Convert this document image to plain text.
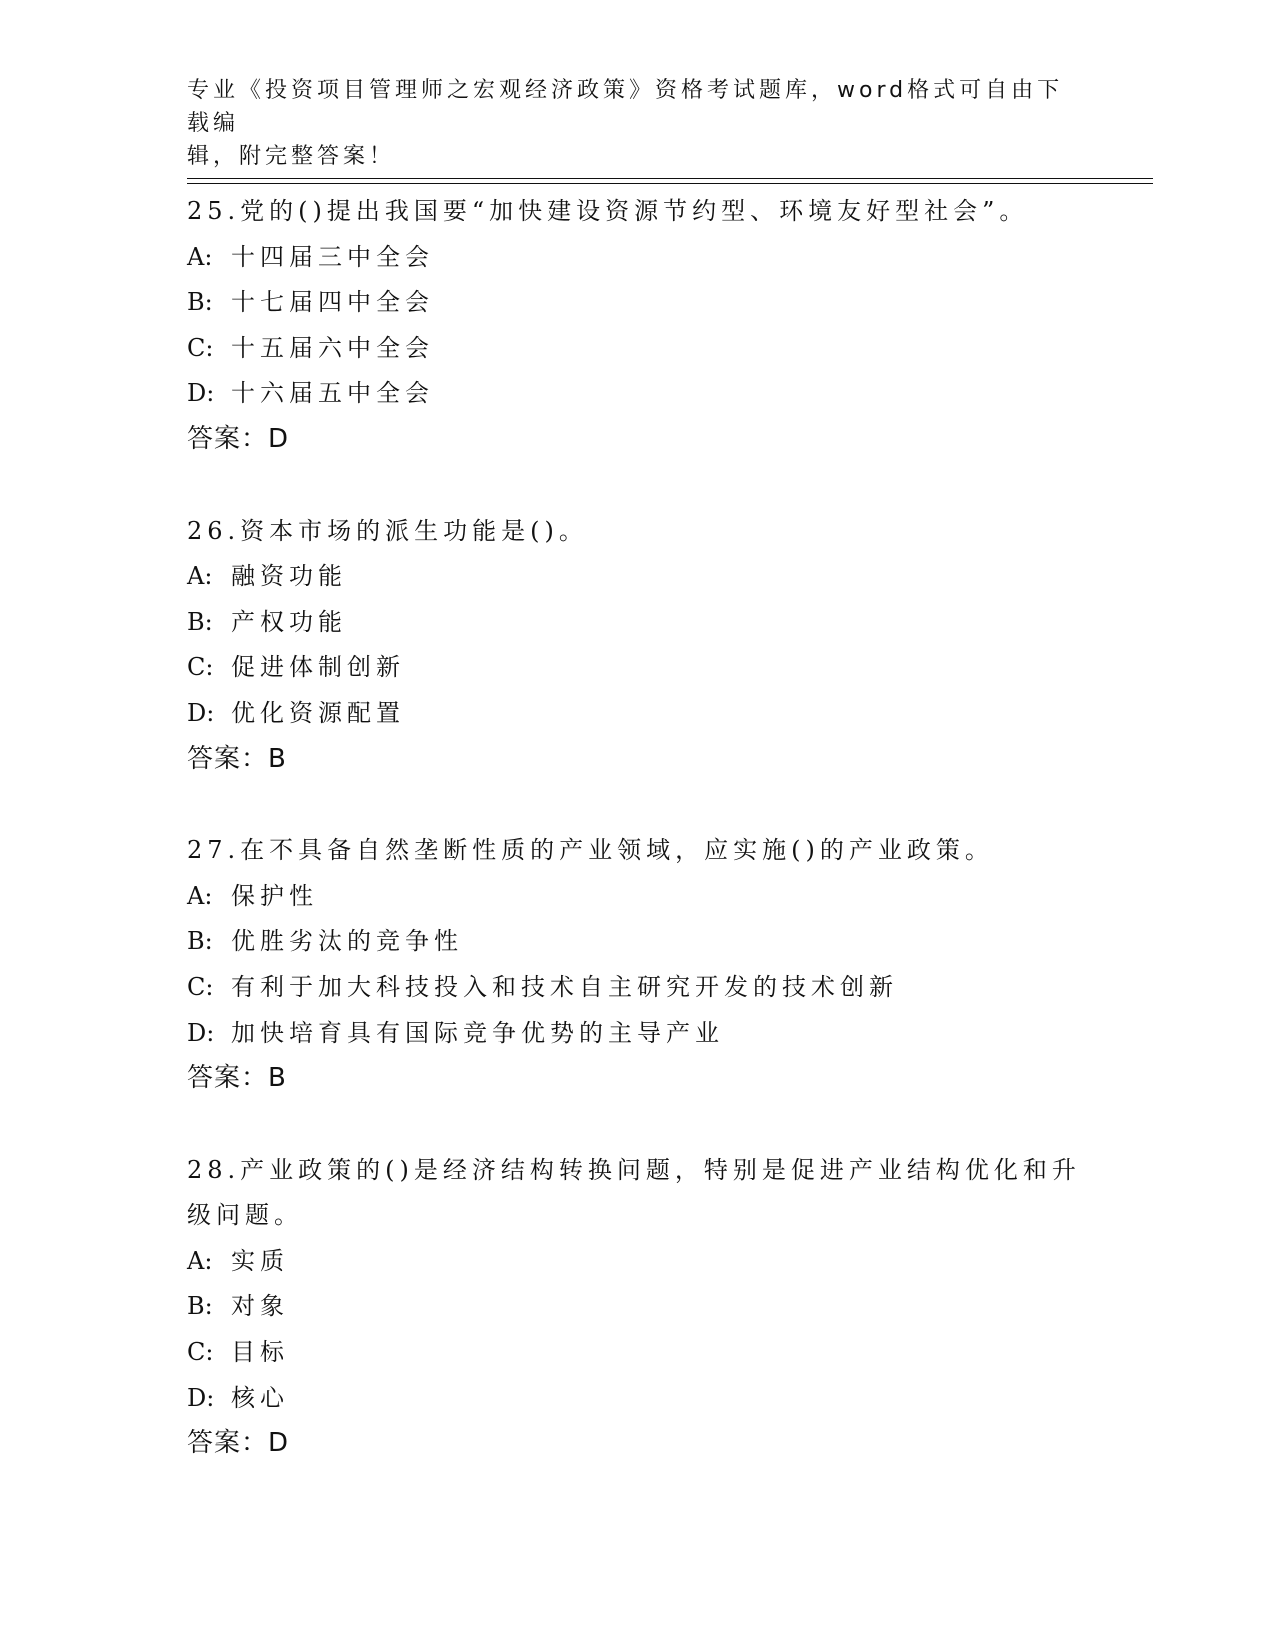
专业《投资项目管理师之宏观经济政策》资格考试题库，word格式可自由下载编
辑，附完整答案！
25.党的()提出我国要“加快建设资源节约型、环境友好型社会”。
A: 十四届三中全会
B: 十七届四中全会
C: 十五届六中全会
D: 十六届五中全会
答案：D
26.资本市场的派生功能是()。
A: 融资功能
B: 产权功能
C: 促进体制创新
D: 优化资源配置
答案：B
27.在不具备自然垄断性质的产业领域，应实施()的产业政策。
A: 保护性
B: 优胜劣汰的竞争性
C: 有利于加大科技投入和技术自主研究开发的技术创新
D: 加快培育具有国际竞争优势的主导产业
答案：B
28.产业政策的()是经济结构转换问题，特别是促进产业结构优化和升
级问题。
A: 实质
B: 对象
C: 目标
D: 核心
答案：D
